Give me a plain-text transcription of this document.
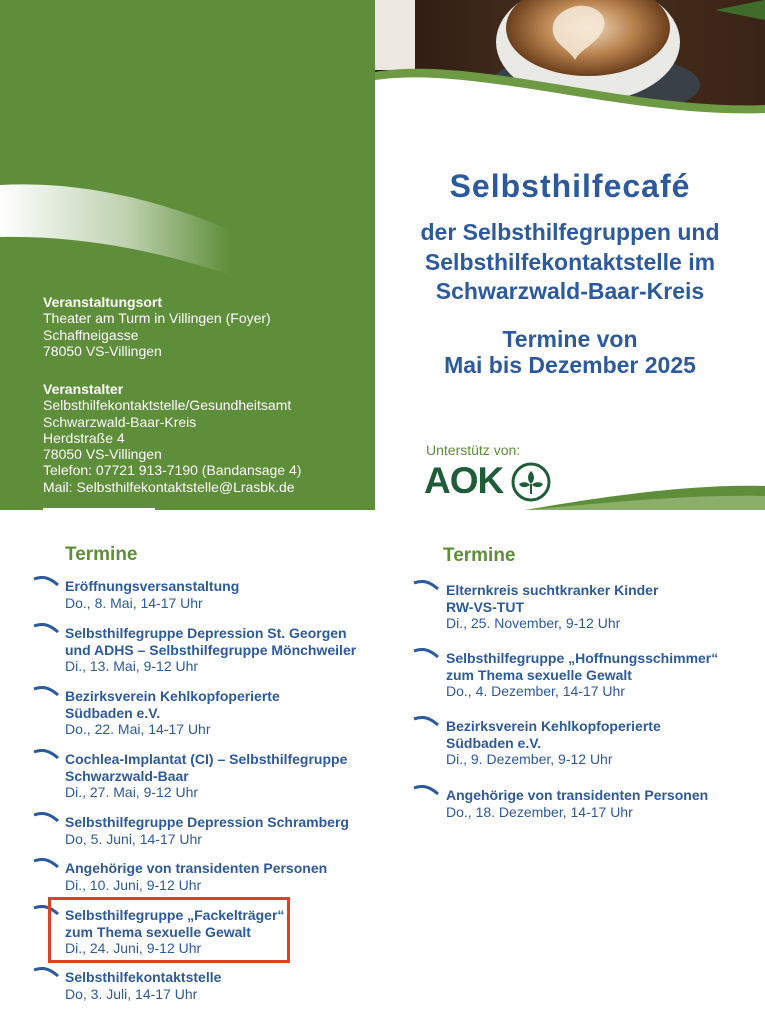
Veranstaltungsort
Theater am Turm in Villingen (Foyer)
Schaffneigasse
78050 VS-Villingen
Veranstalter
Selbsthilfekontaktstelle/Gesundheitsamt
Schwarzwald-Baar-Kreis
Herdstraße 4
78050 VS-Villingen
Telefon: 07721 913-7190 (Bandansage 4)
Mail: Selbsthilfekontaktstelle@Lrasbk.de
Selbsthilfecafé
der Selbsthilfegruppen und
Selbsthilfekontaktstelle im
Schwarzwald-Baar-Kreis
Termine von
Mai bis Dezember 2025
Unterstütz von:
AOK
Termine
Eröffnungsversanstaltung
Do., 8. Mai, 14-17 Uhr
Selbsthilfegruppe Depression St. Georgen
und ADHS – Selbsthilfegruppe Mönchweiler
Di., 13. Mai, 9-12 Uhr
Bezirksverein Kehlkopfoperierte
Südbaden e.V.
Do., 22. Mai, 14-17 Uhr
Cochlea-Implantat (CI) – Selbsthilfegruppe
Schwarzwald-Baar
Di., 27. Mai, 9-12 Uhr
Selbsthilfegruppe Depression Schramberg
Do, 5. Juni, 14-17 Uhr
Angehörige von transidenten Personen
Di., 10. Juni, 9-12 Uhr
Selbsthilfegruppe „Fackelträger“
zum Thema sexuelle Gewalt
Di., 24. Juni, 9-12 Uhr
Selbsthilfekontaktstelle
Do, 3. Juli, 14-17 Uhr
Termine
Elternkreis suchtkranker Kinder
RW-VS-TUT
Di., 25. November, 9-12 Uhr
Selbsthilfegruppe „Hoffnungsschimmer“
zum Thema sexuelle Gewalt
Do., 4. Dezember, 14-17 Uhr
Bezirksverein Kehlkopfoperierte
Südbaden e.V.
Di., 9. Dezember, 9-12 Uhr
Angehörige von transidenten Personen
Do., 18. Dezember, 14-17 Uhr
